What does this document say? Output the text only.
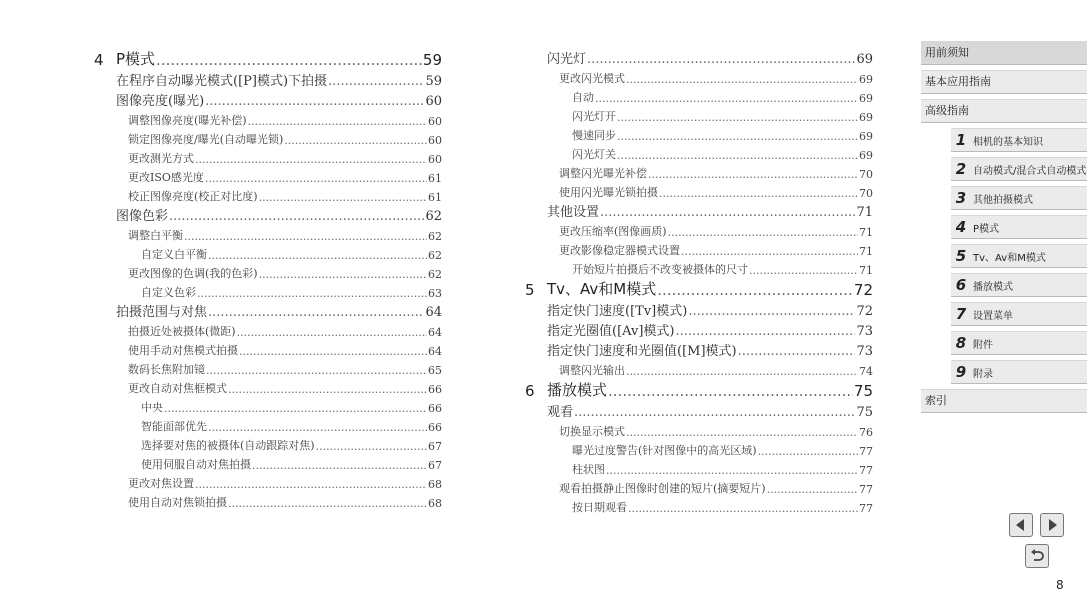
4 P模式 .....	59
在程序自动曝光模式([P]模式)下拍摄 .....	59
图像亮度(曝光) .....	60
调整图像亮度(曝光补偿) .....	60
锁定图像亮度/曝光(自动曝光锁) .....	60
更改测光方式 .....	60
更改ISO感光度 .....	61
校正图像亮度(校正对比度) .....	61
图像色彩 .....	62
调整白平衡 .....	62
自定义白平衡 .....	62
更改图像的色调(我的色彩) .....	62
自定义色彩 .....	63
拍摄范围与对焦 .....	64
拍摄近处被摄体(微距) .....	64
使用手动对焦模式拍摄 .....	64
数码长焦附加镜 .....	65
更改自动对焦框模式 .....	66
中央 .....	66
智能面部优先 .....	66
选择要对焦的被摄体(自动跟踪对焦) .....	67
使用伺服自动对焦拍摄 .....	67
更改对焦设置 .....	68
使用自动对焦锁拍摄 .....	68
闪光灯 .....	69
更改闪光模式 .....	69
自动 .....	69
闪光灯开 .....	69
慢速同步 .....	69
闪光灯关 .....	69
调整闪光曝光补偿 .....	70
使用闪光曝光锁拍摄 .....	70
其他设置 .....	71
更改压缩率(图像画质) .....	71
更改影像稳定器模式设置 .....	71
开始短片拍摄后不改变被摄体的尺寸 .....	71
5 Tv、Av和M模式 .....	72
指定快门速度([Tv]模式) .....	72
指定光圈值([Av]模式) .....	73
指定快门速度和光圈值([M]模式) .....	73
调整闪光输出 .....	74
6 播放模式 .....	75
观看 .....	75
切换显示模式 .....	76
曝光过度警告(针对图像中的高光区域) .....	77
柱状图 .....	77
观看拍摄静止图像时创建的短片(摘要短片) .....	77
按日期观看 .....	77
用前须知
基本应用指南
高级指南
1 相机的基本知识
2 自动模式/混合式自动模式
3 其他拍摄模式
4 P模式
5 Tv、Av和M模式
6 播放模式
7 设置菜单
8 附件
9 附录
索引
8
